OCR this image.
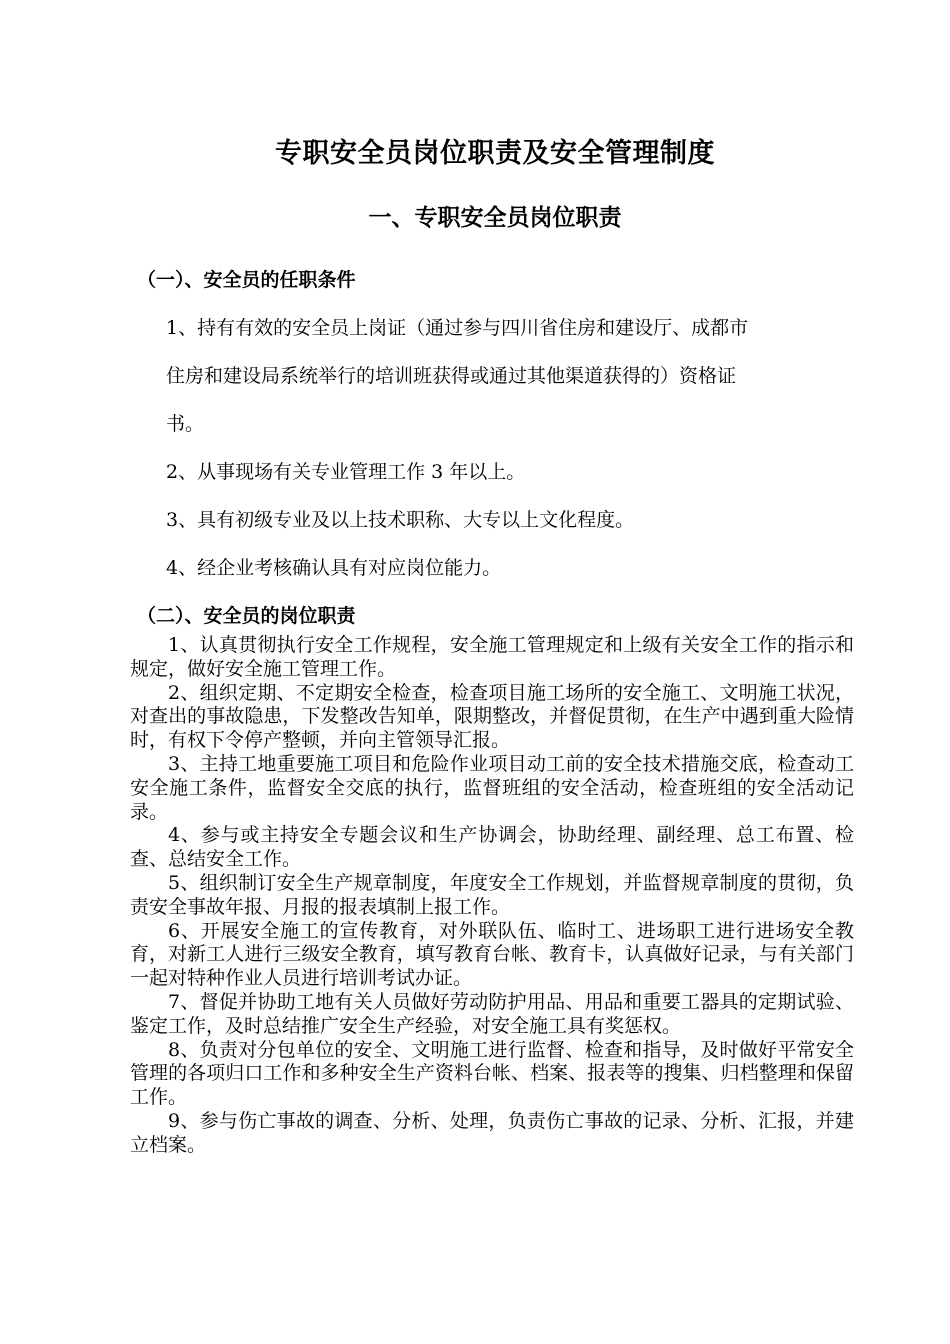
专职安全员岗位职责及安全管理制度
一、专职安全员岗位职责
（一）、安全员的任职条件
1、持有有效的安全员上岗证（通过参与四川省住房和建设厅、成都市
住房和建设局系统举行的培训班获得或通过其他渠道获得的）资格证
书。
2、从事现场有关专业管理工作 3 年以上。
3、具有初级专业及以上技术职称、大专以上文化程度。
4、经企业考核确认具有对应岗位能力。
（二）、安全员的岗位职责

1、认真贯彻执行安全工作规程，安全施工管理规定和上级有关安全工作的指示和规定，做好安全施工管理工作。

2、组织定期、不定期安全检查，检查项目施工场所的安全施工、文明施工状况，对查出的事故隐患，下发整改告知单，限期整改，并督促贯彻，在生产中遇到重大险情时，有权下令停产整顿，并向主管领导汇报。

3、主持工地重要施工项目和危险作业项目动工前的安全技术措施交底，检查动工安全施工条件，监督安全交底的执行，监督班组的安全活动，检查班组的安全活动记录。

4、参与或主持安全专题会议和生产协调会，协助经理、副经理、总工布置、检查、总结安全工作。

5、组织制订安全生产规章制度，年度安全工作规划，并监督规章制度的贯彻，负责安全事故年报、月报的报表填制上报工作。

6、开展安全施工的宣传教育，对外联队伍、临时工、进场职工进行进场安全教育，对新工人进行三级安全教育，填写教育台帐、教育卡，认真做好记录，与有关部门一起对特种作业人员进行培训考试办证。

7、督促并协助工地有关人员做好劳动防护用品、用品和重要工器具的定期试验、鉴定工作，及时总结推广安全生产经验，对安全施工具有奖惩权。

8、负责对分包单位的安全、文明施工进行监督、检查和指导，及时做好平常安全管理的各项归口工作和多种安全生产资料台帐、档案、报表等的搜集、归档整理和保留工作。

9、参与伤亡事故的调查、分析、处理，负责伤亡事故的记录、分析、汇报，并建立档案。
